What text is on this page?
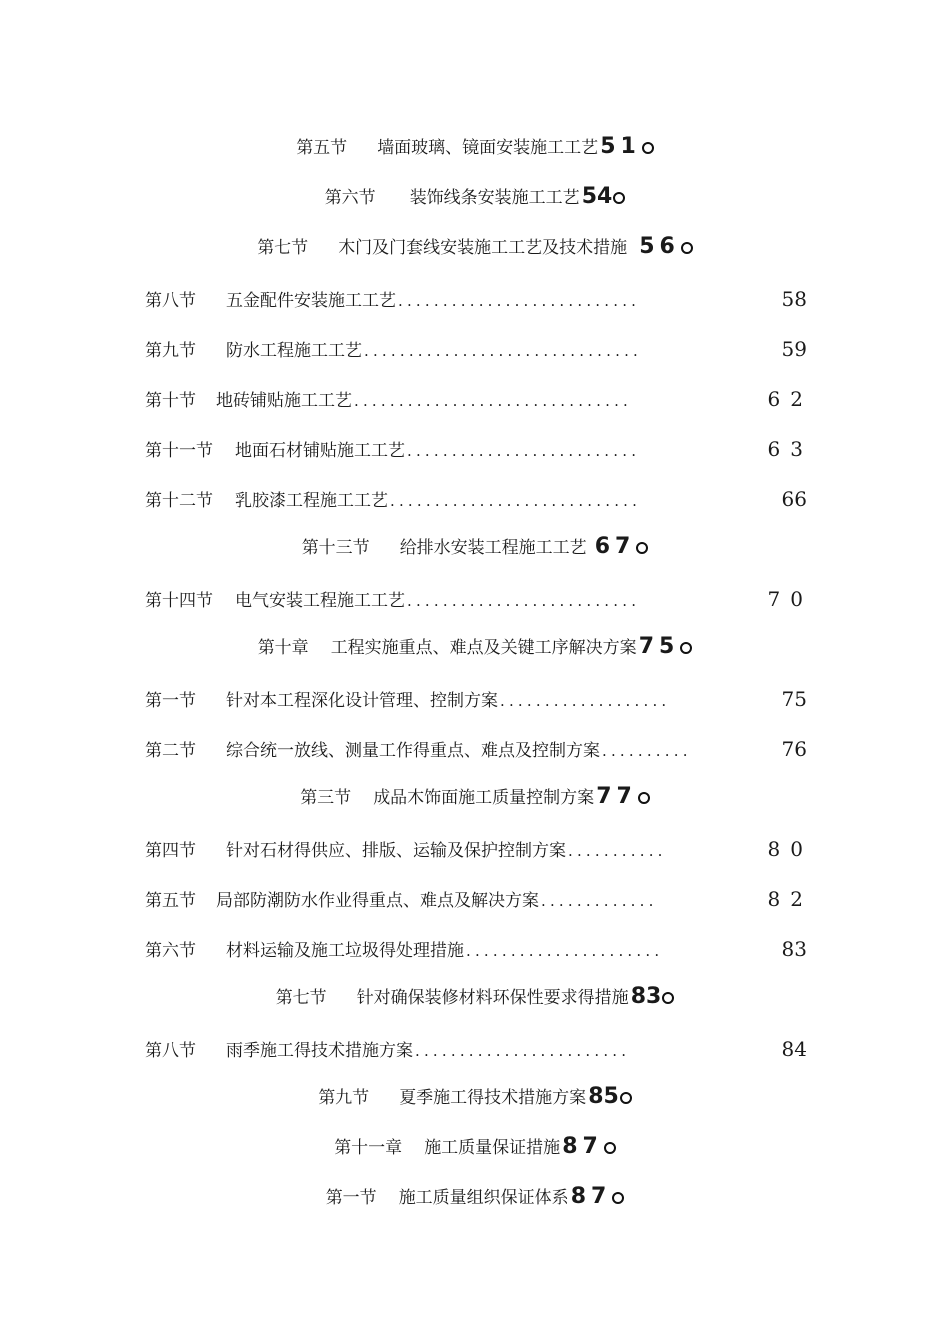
第五节 墙面玻璃、镜面安装施工工艺51
第六节 装饰线条安装施工工艺54
第七节 木门及门套线安装施工工艺及技术措施 56
第八节 五金配件安装施工工艺 ...........................	58
第九节 防水工程施工工艺 ...............................	59
第十节 地砖铺贴施工工艺 ...............................	62
第十一节 地面石材铺贴施工工艺 ..........................	63
第十二节 乳胶漆工程施工工艺 ............................	66
第十三节 给排水安装工程施工工艺 67
第十四节 电气安装工程施工工艺 ..........................	70
第十章 工程实施重点、难点及关键工序解决方案75
第一节 针对本工程深化设计管理、控制方案 ...................	75
第二节 综合统一放线、测量工作得重点、难点及控制方案 ..........	76
第三节 成品木饰面施工质量控制方案77
第四节 针对石材得供应、排版、运输及保护控制方案 ...........	80
第五节 局部防潮防水作业得重点、难点及解决方案 .............	82
第六节 材料运输及施工垃圾得处理措施 ......................	83
第七节 针对确保装修材料环保性要求得措施83
第八节 雨季施工得技术措施方案 ........................	84
第九节 夏季施工得技术措施方案85
第十一章 施工质量保证措施87
第一节 施工质量组织保证体系87
